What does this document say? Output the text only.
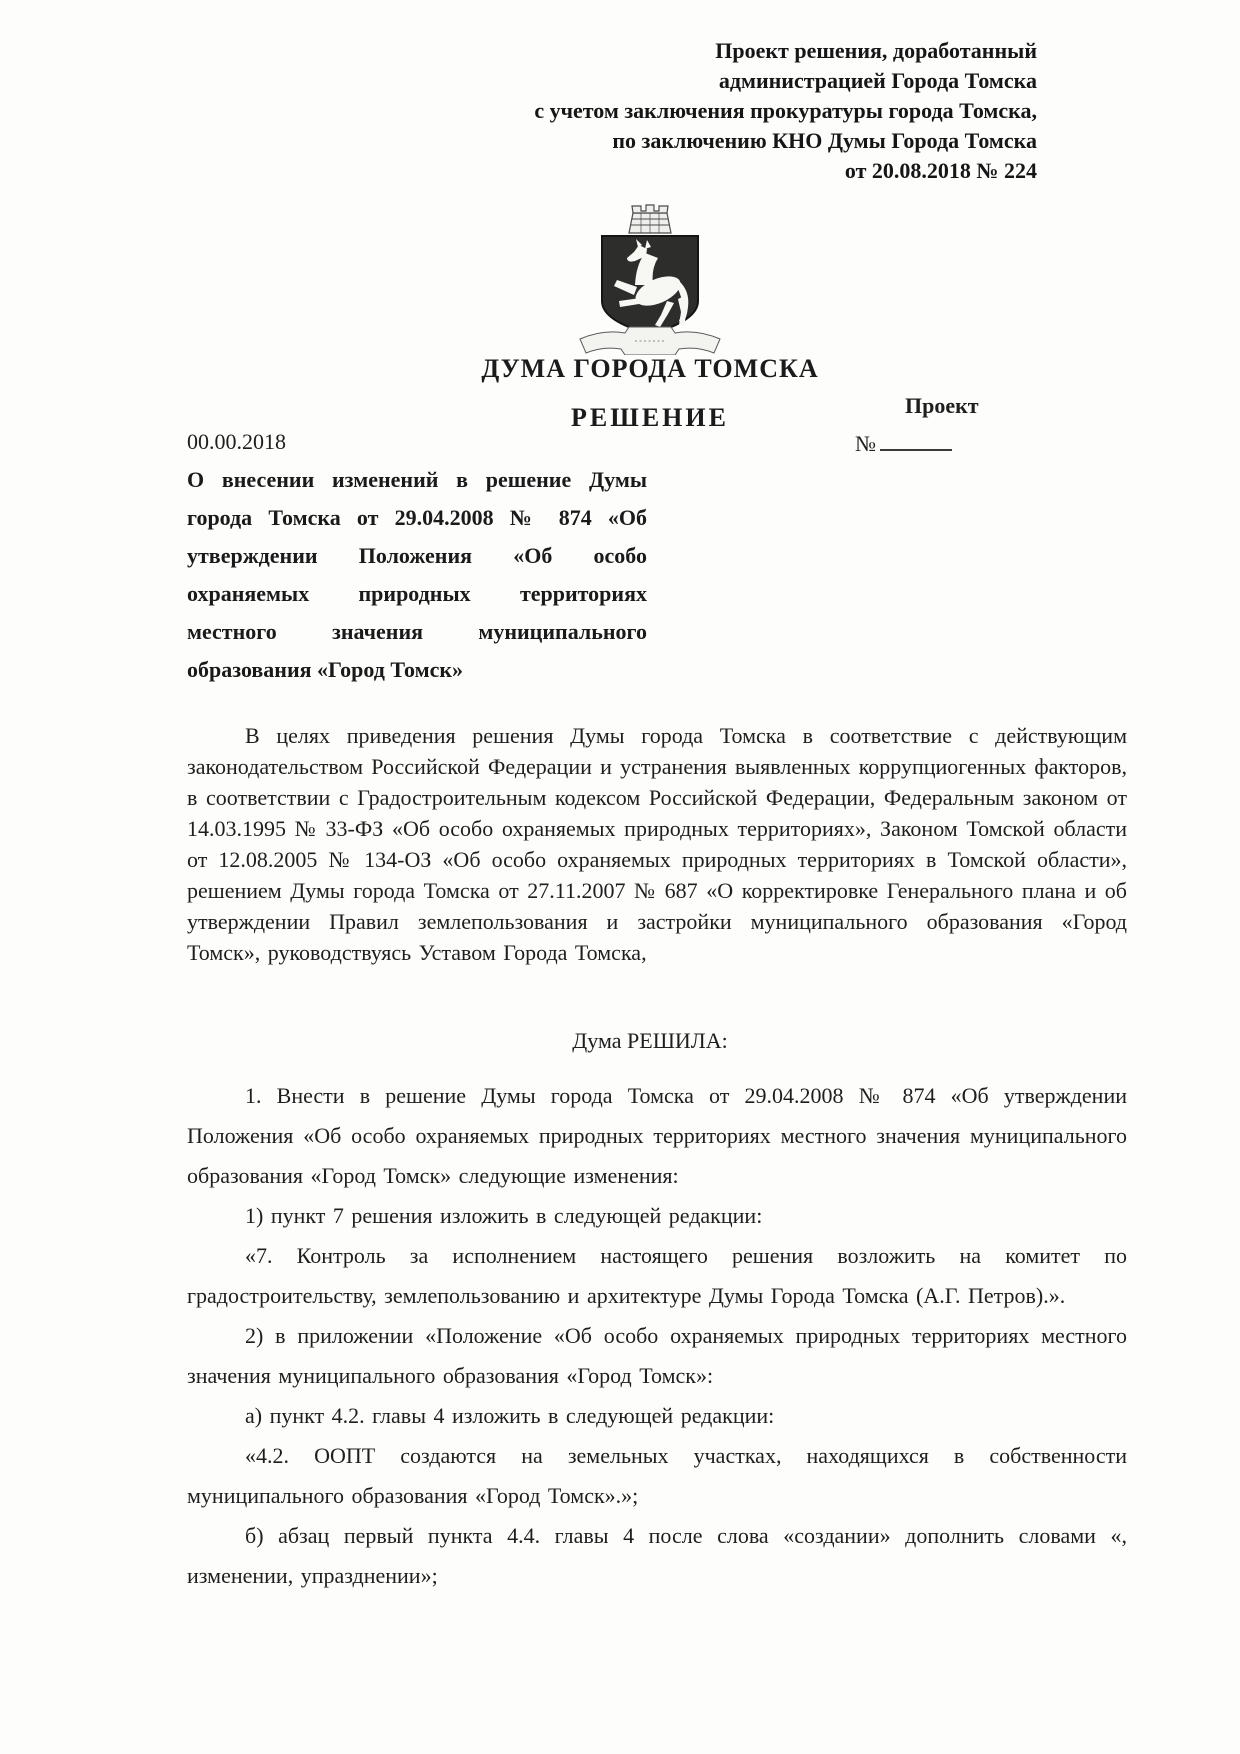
Проект решения, доработанный
администрацией Города Томска
с учетом заключения прокуратуры города Томска,
по заключению КНО Думы Города Томска
от 20.08.2018 № 224
ДУМА ГОРОДА ТОМСКА
РЕШЕНИЕ	Проект
00.00.2018	№
О внесении изменений в решение Думы города Томска от 29.04.2008 № 874 «Об утверждении Положения «Об особо охраняемых природных территориях местного значения муниципального образования «Город Томск»

В целях приведения решения Думы города Томска в соответствие с действующим законодательством Российской Федерации и устранения выявленных коррупциогенных факторов, в соответствии с Градостроительным кодексом Российской Федерации, Федеральным законом от 14.03.1995 № 33-ФЗ «Об особо охраняемых природных территориях», Законом Томской области от 12.08.2005 № 134-ОЗ «Об особо охраняемых природных территориях в Томской области», решением Думы города Томска от 27.11.2007 № 687 «О корректировке Генерального плана и об утверждении Правил землепользования и застройки муниципального образования «Город Томск», руководствуясь Уставом Города Томска,

Дума РЕШИЛА:

1. Внести в решение Думы города Томска от 29.04.2008 № 874 «Об утверждении Положения «Об особо охраняемых природных территориях местного значения муниципального образования «Город Томск» следующие изменения:

1) пункт 7 решения изложить в следующей редакции:

«7. Контроль за исполнением настоящего решения возложить на комитет по градостроительству, землепользованию и архитектуре Думы Города Томска (А.Г. Петров).».

2) в приложении «Положение «Об особо охраняемых природных территориях местного значения муниципального образования «Город Томск»:

а) пункт 4.2. главы 4 изложить в следующей редакции:

«4.2. ООПТ создаются на земельных участках, находящихся в собственности муниципального образования «Город Томск».»;

б) абзац первый пункта 4.4. главы 4 после слова «создании» дополнить словами «, изменении, упразднении»;
